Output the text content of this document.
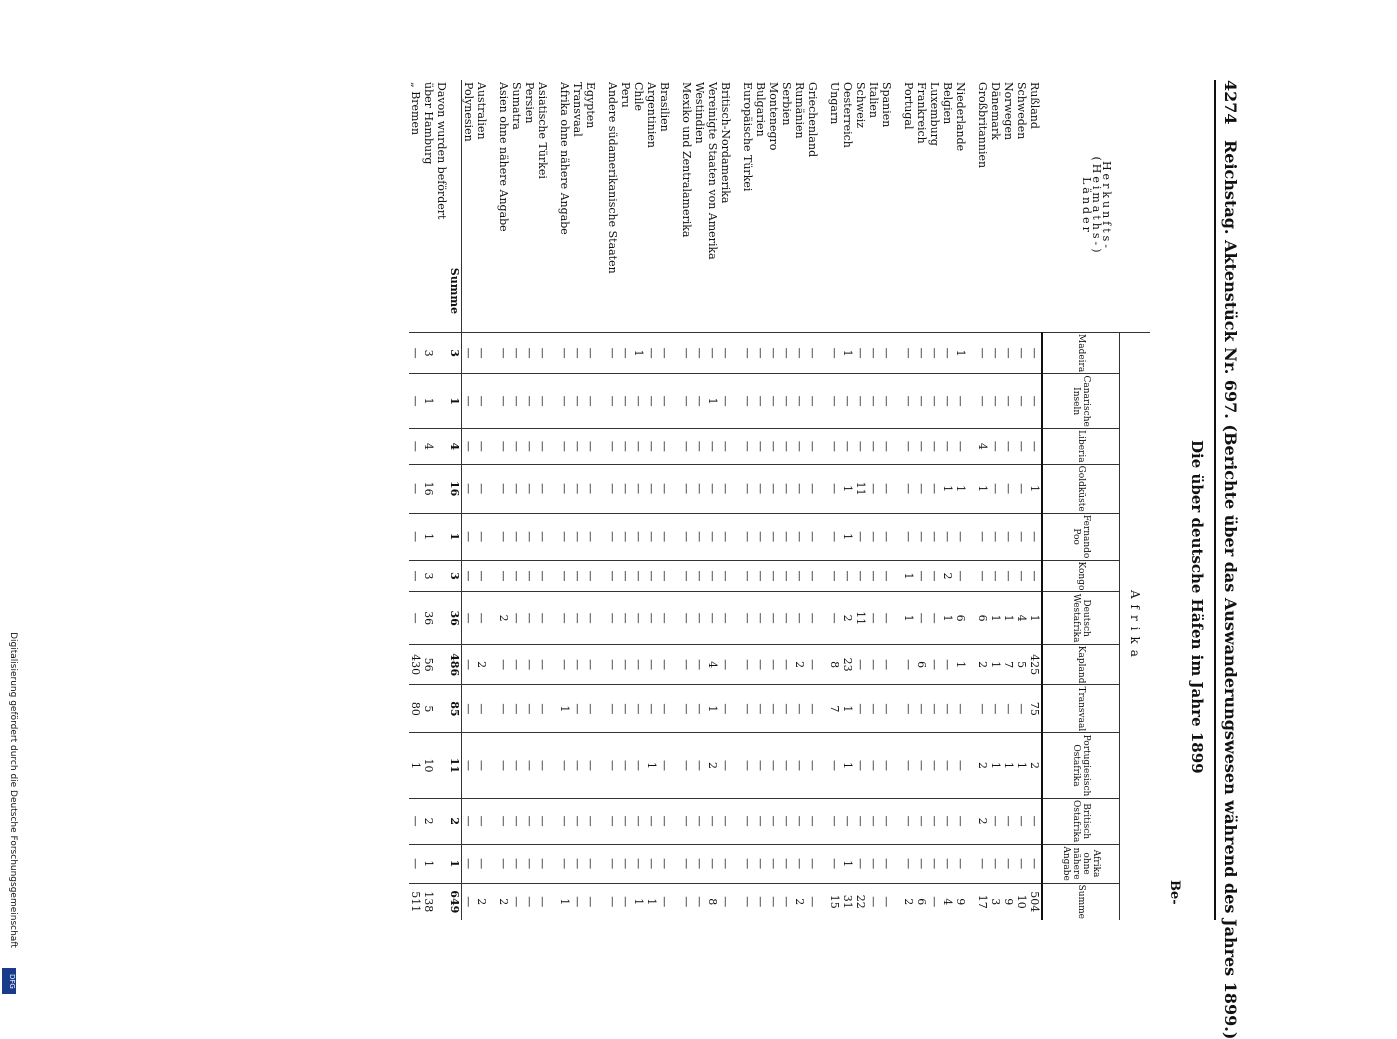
4274
Reichstag. Aktenstück Nr. 697. (Berichte über das Auswanderungswesen während des Jahres 1899.)
Die über deutsche Häfen im Jahre 1899
Be-
Herkunfts-
(Heimaths-)
Länder	Afrika												
	Madeira	Canarische Inseln	Liberia	Goldküste	Fernando Poo	Kongo	Deutsch Westafrika	Kapland	Transvaal	Portugiesisch Ostafrika	Britisch Ostafrika	Afrika ohne nähere Angabe	Summe
Rußland	—	—	—	1	—	—	1	425	75	2	—	—	504
Schweden	—	—	—	—	—	—	4	5	—	1	—	—	10
Norwegen	—	—	—	—	—	—	1	7	—	1	—	—	9
Dänemark	—	—	—	—	—	—	1	1	—	1	—	—	3
Großbritannien	—	—	4	1	—	—	6	2	—	2	2	—	17

Niederlande	1	—	—	1	—	—	6	1	—	—	—	—	9
Belgien	—	—	—	1	—	2	1	—	—	—	—	—	4
Luxemburg	—	—	—	—	—	—	—	—	—	—	—	—	—
Frankreich	—	—	—	—	—	—	—	6	—	—	—	—	6
Portugal	—	—	—	—	—	1	1	—	—	—	—	—	2

Spanien	—	—	—	—	—	—	—	—	—	—	—	—	—
Italien	—	—	—	—	—	—	—	—	—	—	—	—	—
Schweiz	—	—	—	11	—	—	11	—	—	—	—	—	22
Oesterreich	1	—	—	1	1	—	2	23	1	1	—	1	31
Ungarn	—	—	—	—	—	—	—	8	7	—	—	—	15

Griechenland	—	—	—	—	—	—	—	—	—	—	—	—	—
Rumänien	—	—	—	—	—	—	—	2	—	—	—	—	2
Serbien	—	—	—	—	—	—	—	—	—	—	—	—	—
Montenegro	—	—	—	—	—	—	—	—	—	—	—	—	—
Bulgarien	—	—	—	—	—	—	—	—	—	—	—	—	—
Europäische Türkei	—	—	—	—	—	—	—	—	—	—	—	—	—

Britisch-Nordamerika	—	—	—	—	—	—	—	—	—	—	—	—	—
Vereinigte Staaten von Amerika	—	1	—	—	—	—	—	4	1	2	—	—	8
Westindien	—	—	—	—	—	—	—	—	—	—	—	—	—
Mexiko und Zentralamerika	—	—	—	—	—	—	—	—	—	—	—	—	—

Brasilien	—	—	—	—	—	—	—	—	—	—	—	—	—
Argentinien	—	—	—	—	—	—	—	—	—	1	—	—	1
Chile	1	—	—	—	—	—	—	—	—	—	—	—	1
Peru	—	—	—	—	—	—	—	—	—	—	—	—	—
Andere südamerikanische Staaten	—	—	—	—	—	—	—	—	—	—	—	—	—

Egypten	—	—	—	—	—	—	—	—	—	—	—	—	—
Transvaal	—	—	—	—	—	—	—	—	—	—	—	—	—
Afrika ohne nähere Angabe	—	—	—	—	—	—	—	—	1	—	—	—	1

Asiatische Türkei	—	—	—	—	—	—	—	—	—	—	—	—	—
Persien	—	—	—	—	—	—	—	—	—	—	—	—	—
Sumatra	—	—	—	—	—	—	—	—	—	—	—	—	—
Asien ohne nähere Angabe	—	—	—	—	—	—	2	—	—	—	—	—	2

Australien	—	—	—	—	—	—	—	2	—	—	—	—	2
Polynesien	—	—	—	—	—	—	—	—	—	—	—	—	—
Summe	3	1	4	16	1	3	36	486	85	11	2	1	649
Davon wurden befördert													
über Hamburg	3	1	4	16	1	3	36	56	5	10	2	1	138
„ Bremen	—	—	—	—	—	—	—	430	80	1	—	—	511
Digitalisierung gefördert durch die Deutsche Forschungsgemeinschaft
DFG
